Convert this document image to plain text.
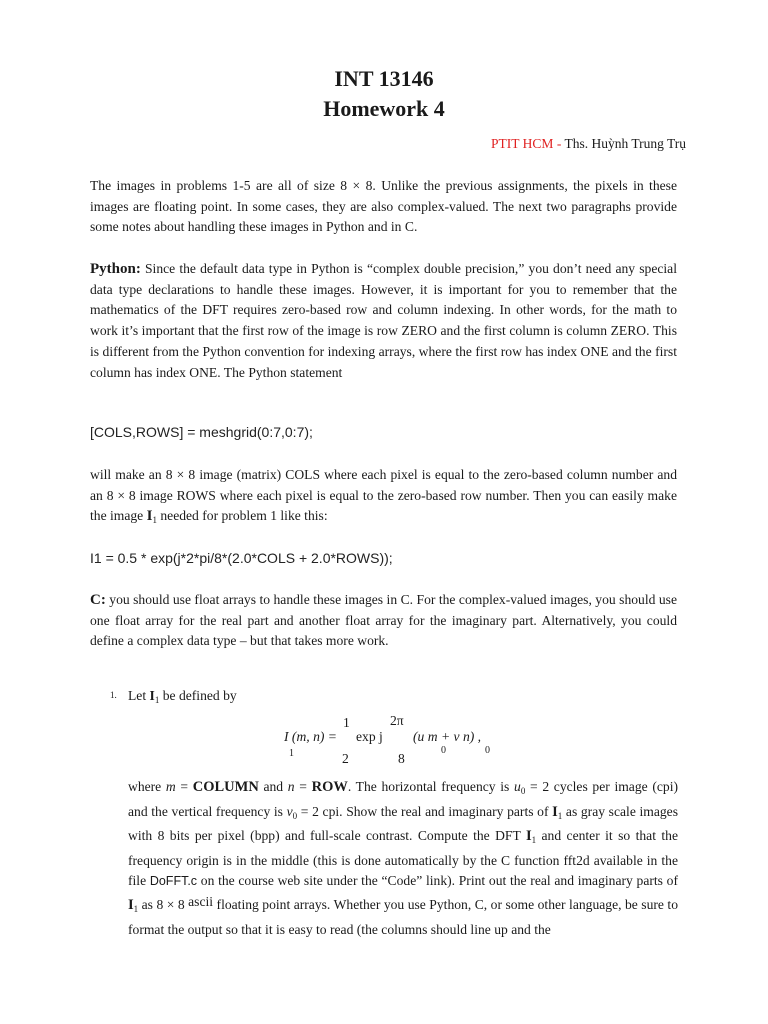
INT 13146
Homework 4
PTIT HCM - Ths. Huỳnh Trung Trụ
The images in problems 1-5 are all of size 8 × 8. Unlike the previous assignments, the pixels in these images are floating point. In some cases, they are also complex-valued. The next two paragraphs provide some notes about handling these images in Python and in C.
Python: Since the default data type in Python is “complex double precision,” you don’t need any special data type declarations to handle these images. However, it is important for you to remember that the mathematics of the DFT requires zero-based row and column indexing. In other words, for the math to work it’s important that the first row of the image is row ZERO and the first column is column ZERO. This is different from the Python convention for indexing arrays, where the first row has index ONE and the first column has index ONE. The Python statement
[COLS,ROWS] = meshgrid(0:7,0:7);
will make an 8 × 8 image (matrix) COLS where each pixel is equal to the zero-based column number and an 8 × 8 image ROWS where each pixel is equal to the zero-based row number. Then you can easily make the image $I_1$ needed for problem 1 like this:
I1 = 0.5 * exp(j*2*pi/8*(2.0*COLS + 2.0*ROWS));
C: you should use float arrays to handle these images in C. For the complex-valued images, you should use one float array for the real part and another float array for the imaginary part. Alternatively, you could define a complex data type – but that takes more work.
1. Let $I_1$ be defined by
I (m, n) =
1
exp j
2π
(u m + v n) ,
1	2	8
0	0
where m = COLUMN and n = ROW. The horizontal frequency is $u_0 = 2$ cycles per image (cpi) and the vertical frequency is $v_0 = 2$ cpi. Show the real and imaginary parts of $I_1$ as gray scale images with 8 bits per pixel (bpp) and full-scale contrast. Compute the DFT $I_1$ and center it so that the frequency origin is in the middle (this is done automatically by the C function fft2d available in the file DoFFT.c on the course web site under the “Code” link). Print out the real and imaginary parts of $I_1$ as 8 × 8 ascii floating point arrays. Whether you use Python, C, or some other language, be sure to format the output so that it is easy to read (the columns should line up and the
